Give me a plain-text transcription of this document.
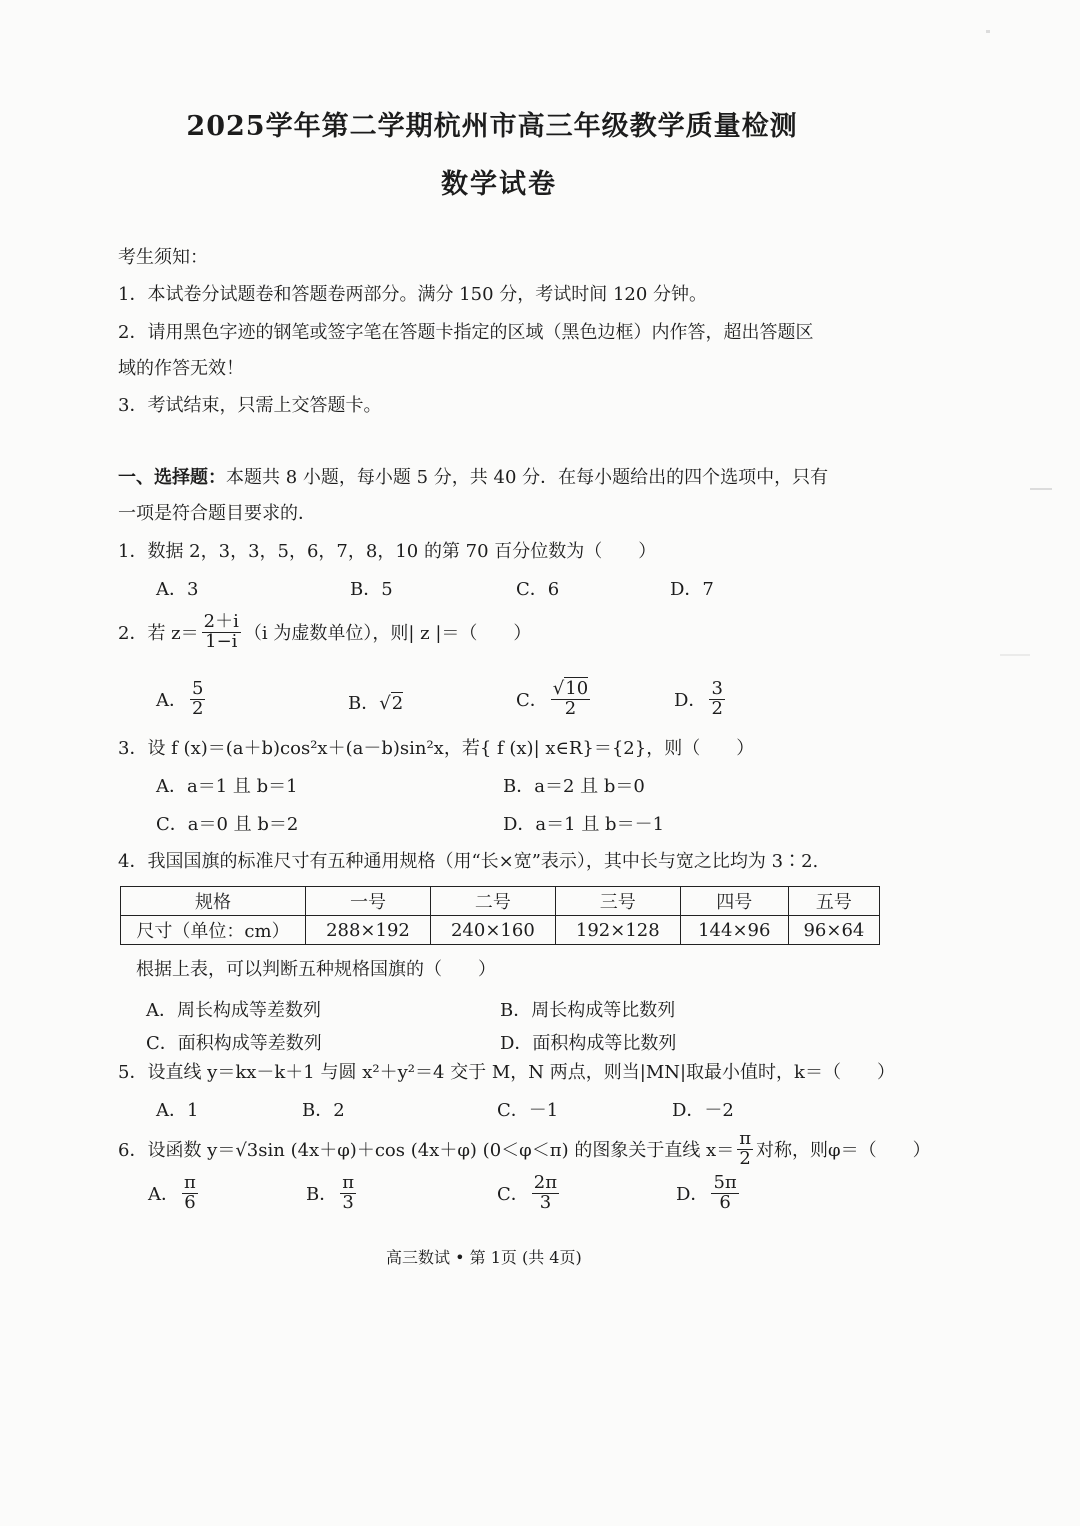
2025学年第二学期杭州市高三年级教学质量检测
数学试卷
考生须知：
1．本试卷分试题卷和答题卷两部分。满分 150 分，考试时间 120 分钟。
2．请用黑色字迹的钢笔或签字笔在答题卡指定的区域（黑色边框）内作答，超出答题区
域的作答无效！
3．考试结束，只需上交答题卡。
一、选择题：本题共 8 小题，每小题 5 分，共 40 分．在每小题给出的四个选项中，只有
一项是符合题目要求的．
1．数据 2，3，3，5，6，7，8，10 的第 70 百分位数为（　　）
A．3	B．5	C．6	D．7
2．若 $z= \frac{2+i}{1-i} (i$ 为虚数单位），则| z |＝（　　）
A． $\frac{5}{2}$	B．√2	C． $\frac{√10}{2}$	D． $\frac{3}{2}$
3．设 f (x)＝(a＋b)cos²x＋(a－b)sin²x，若{ f (x)| x∈R}＝{2}，则（　　）
A．a＝1 且 b＝1	B．a＝2 且 b＝0
C．a＝0 且 b＝2	D．a＝1 且 b＝－1
4．我国国旗的标准尺寸有五种通用规格（用“长×宽”表示），其中长与宽之比均为 3∶2.
规格	一号	二号	三号	四号	五号
尺寸（单位：cm）	288×192	240×160	192×128	144×96	96×64
根据上表，可以判断五种规格国旗的（　　）
A．周长构成等差数列	B．周长构成等比数列
C．面积构成等差数列	D．面积构成等比数列
5．设直线 y＝kx－k＋1 与圆 x²＋y²＝4 交于 M，N 两点，则当|MN|取最小值时，k＝（　　）
A．1	B．2	C．－1	D．－2
6．设函数 y＝√3sin (4x＋φ)＋cos (4x＋φ) (0＜φ＜π) 的图象关于直线 $x= \frac{\pi}{2}$ 对称，则φ＝（　　）
A． $\frac{\pi}{6}$	B． $\frac{\pi}{3}$	C． $\frac{2\pi}{3}$	D． $\frac{5\pi}{6}$
高三数试 • 第 1页 (共 4页)
